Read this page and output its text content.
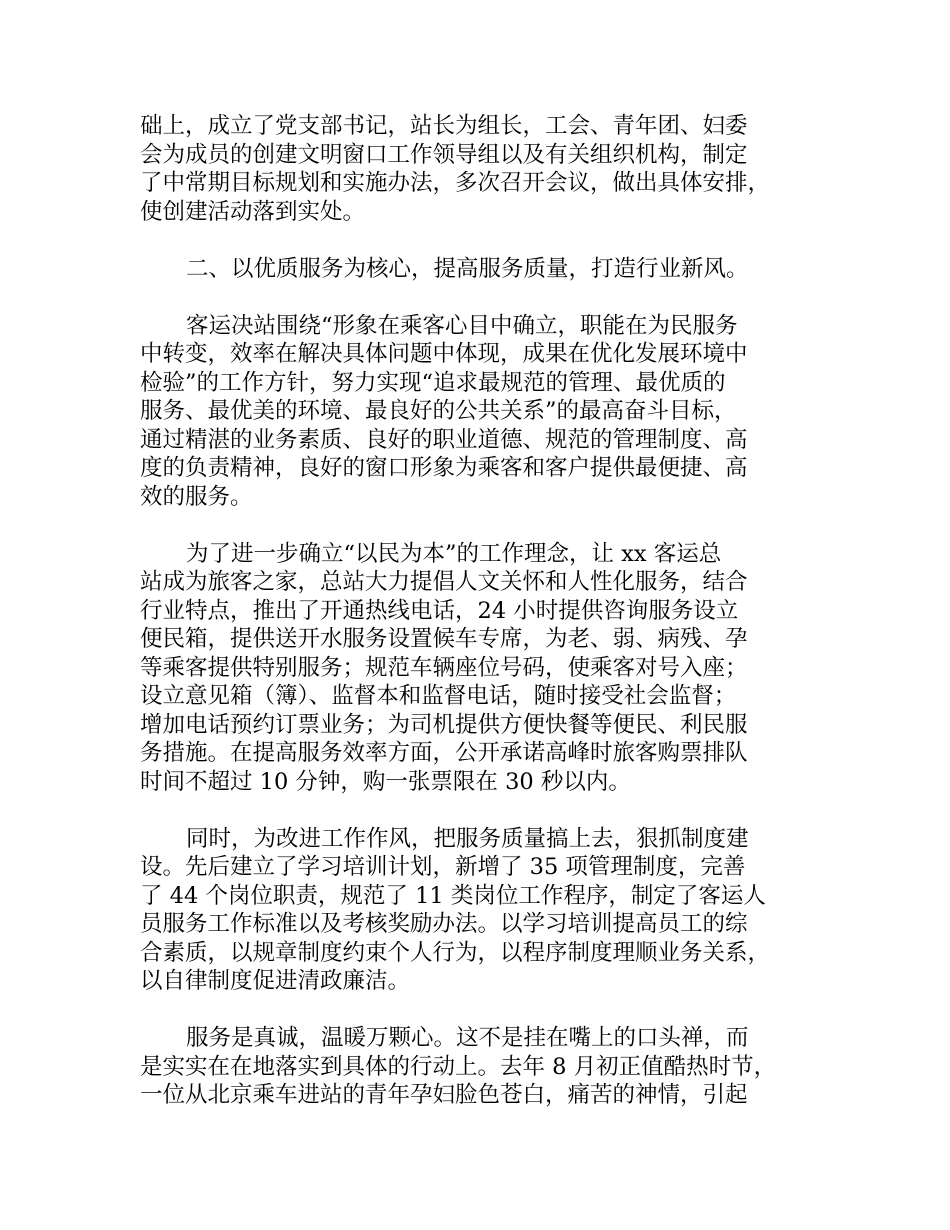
础上，成立了党支部书记，站长为组长，工会、青年团、妇委
会为成员的创建文明窗口工作领导组以及有关组织机构，制定
了中常期目标规划和实施办法，多次召开会议，做出具体安排，
使创建活动落到实处。
二、以优质服务为核心，提高服务质量，打造行业新风。
客运决站围绕“形象在乘客心目中确立，职能在为民服务
中转变，效率在解决具体问题中体现，成果在优化发展环境中
检验”的工作方针，努力实现“追求最规范的管理、最优质的
服务、最优美的环境、最良好的公共关系”的最高奋斗目标，
通过精湛的业务素质、良好的职业道德、规范的管理制度、高
度的负责精神，良好的窗口形象为乘客和客户提供最便捷、高
效的服务。
为了进一步确立“以民为本”的工作理念，让 xx 客运总
站成为旅客之家，总站大力提倡人文关怀和人性化服务，结合
行业特点，推出了开通热线电话，24 小时提供咨询服务设立
便民箱，提供送开水服务设置候车专席，为老、弱、病残、孕
等乘客提供特别服务；规范车辆座位号码，使乘客对号入座；
设立意见箱（簿）、监督本和监督电话，随时接受社会监督；
增加电话预约订票业务；为司机提供方便快餐等便民、利民服
务措施。在提高服务效率方面，公开承诺高峰时旅客购票排队
时间不超过 10 分钟，购一张票限在 30 秒以内。
同时，为改进工作作风，把服务质量搞上去，狠抓制度建
设。先后建立了学习培训计划，新增了 35 项管理制度，完善
了 44 个岗位职责，规范了 11 类岗位工作程序，制定了客运人
员服务工作标准以及考核奖励办法。以学习培训提高员工的综
合素质，以规章制度约束个人行为，以程序制度理顺业务关系，
以自律制度促进清政廉洁。
服务是真诚，温暖万颗心。这不是挂在嘴上的口头禅，而
是实实在在地落实到具体的行动上。去年 8 月初正值酷热时节，
一位从北京乘车进站的青年孕妇脸色苍白，痛苦的神情，引起
